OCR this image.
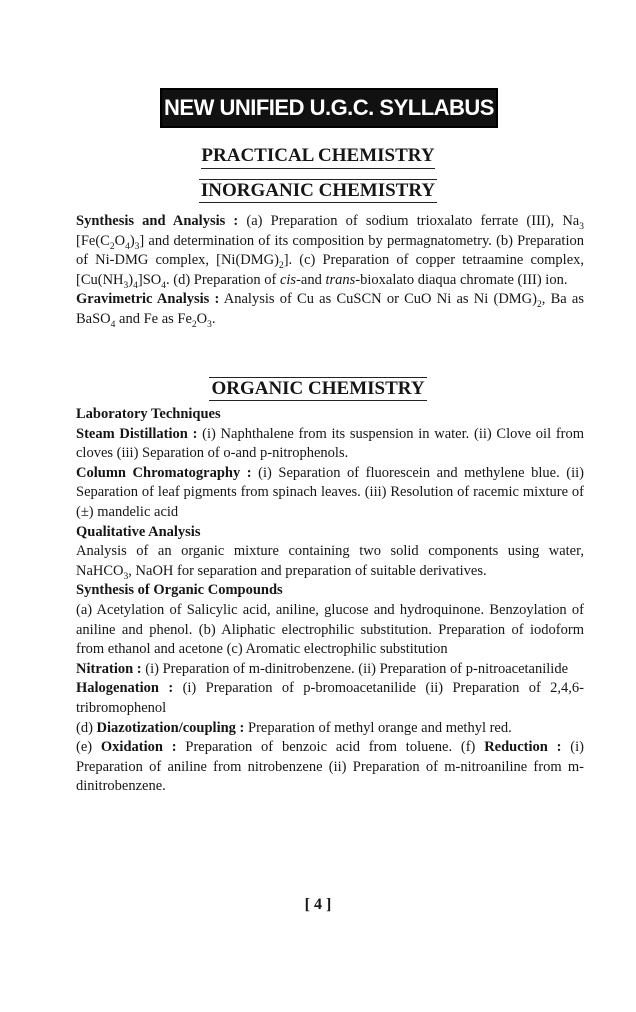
NEW UNIFIED U.G.C. SYLLABUS
PRACTICAL CHEMISTRY
INORGANIC CHEMISTRY

Synthesis and Analysis : (a) Preparation of sodium trioxalato ferrate (III), $Na_3$ $[Fe(C_2O_4)_3]$ and determination of its composition by permagnatometry. (b) Preparation of Ni-DMG complex, $[Ni(DMG)_2]$. (c) Preparation of copper tetraamine complex, $[Cu(NH_3)_4]SO_4$. (d) Preparation of cis-and trans-bioxalato diaqua chromate (III) ion.

Gravimetric Analysis : Analysis of Cu as CuSCN or CuO Ni as Ni $(DMG)_2$, Ba as BaSO$_4$ and Fe as $Fe_2O_3$.

ORGANIC CHEMISTRY

Laboratory Techniques

Steam Distillation : (i) Naphthalene from its suspension in water. (ii) Clove oil from cloves (iii) Separation of o-and p-nitrophenols.

Column Chromatography : (i) Separation of fluorescein and methylene blue. (ii) Separation of leaf pigments from spinach leaves. (iii) Resolution of racemic mixture of (±) mandelic acid

Qualitative Analysis

Analysis of an organic mixture containing two solid components using water, NaHCO$_3$, NaOH for separation and preparation of suitable derivatives.

Synthesis of Organic Compounds

(a) Acetylation of Salicylic acid, aniline, glucose and hydroquinone. Benzoylation of aniline and phenol. (b) Aliphatic electrophilic substitution. Preparation of iodoform from ethanol and acetone (c) Aromatic electrophilic substitution

Nitration : (i) Preparation of m-dinitrobenzene. (ii) Preparation of p-nitroacetanilide

Halogenation : (i) Preparation of p-bromoacetanilide (ii) Preparation of 2,4,6-tribromophenol

(d) Diazotization/coupling : Preparation of methyl orange and methyl red.

(e) Oxidation : Preparation of benzoic acid from toluene. (f) Reduction : (i) Preparation of aniline from nitrobenzene (ii) Preparation of m-nitroaniline from m-dinitrobenzene.

[ 4 ]
